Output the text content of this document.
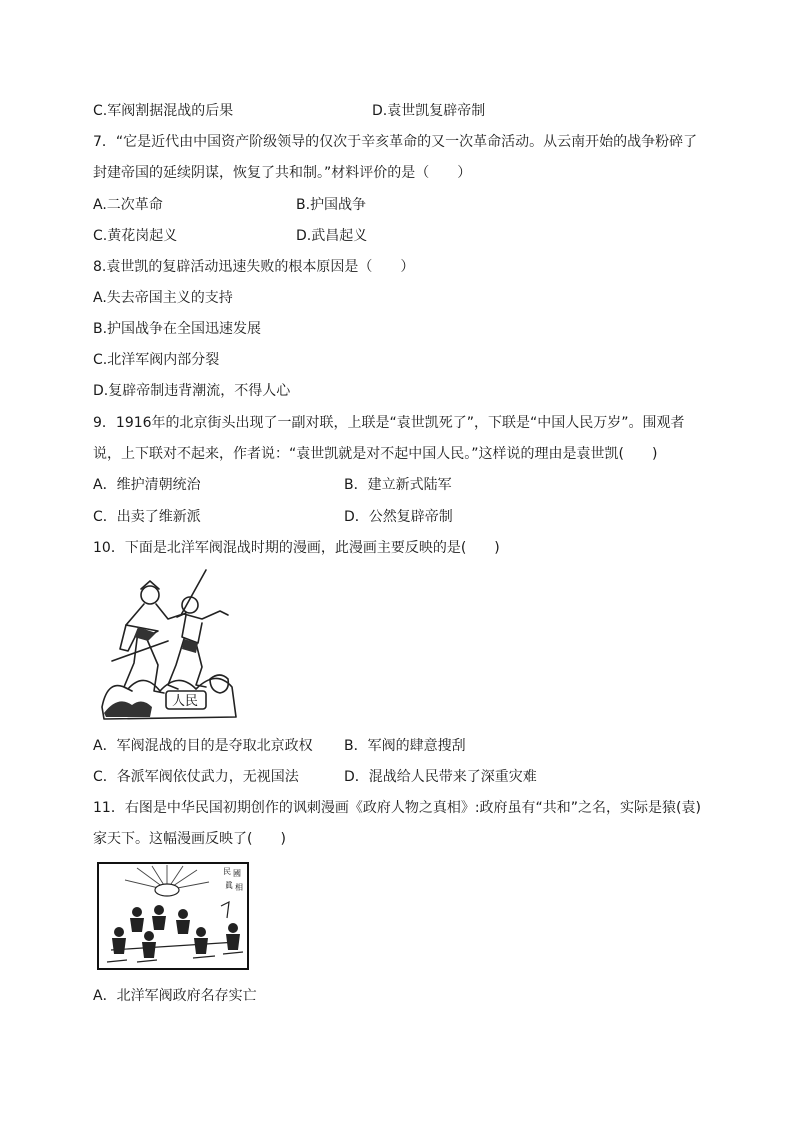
C.军阀割据混战的后果	D.袁世凯复辟帝制
7．“它是近代由中国资产阶级领导的仅次于辛亥革命的又一次革命活动。从云南开始的战争粉碎了
封建帝国的延续阴谋，恢复了共和制。”材料评价的是（　　）
A.二次革命	B.护国战争
C.黄花岗起义	D.武昌起义
8.袁世凯的复辟活动迅速失败的根本原因是（　　）
A.失去帝国主义的支持
B.护国战争在全国迅速发展
C.北洋军阀内部分裂
D.复辟帝制违背潮流，不得人心
9．1916年的北京街头出现了一副对联，上联是“袁世凯死了”，下联是“中国人民万岁”。围观者
说，上下联对不起来，作者说：“袁世凯就是对不起中国人民。”这样说的理由是袁世凯(　　)
A．维护清朝统治	B．建立新式陆军
C．出卖了维新派	D．公然复辟帝制
10．下面是北洋军阀混战时期的漫画，此漫画主要反映的是(　　)
人民
A．军阀混战的目的是夺取北京政权 B．军阀的肆意搜刮
C．各派军阀依仗武力，无视国法	D．混战给人民带来了深重灾难
11．右图是中华民国初期创作的讽刺漫画《政府人物之真相》:政府虽有“共和”之名，实际是猿(袁)
家天下。这幅漫画反映了(　　)
民 國
眞 相
A．北洋军阀政府名存实亡
